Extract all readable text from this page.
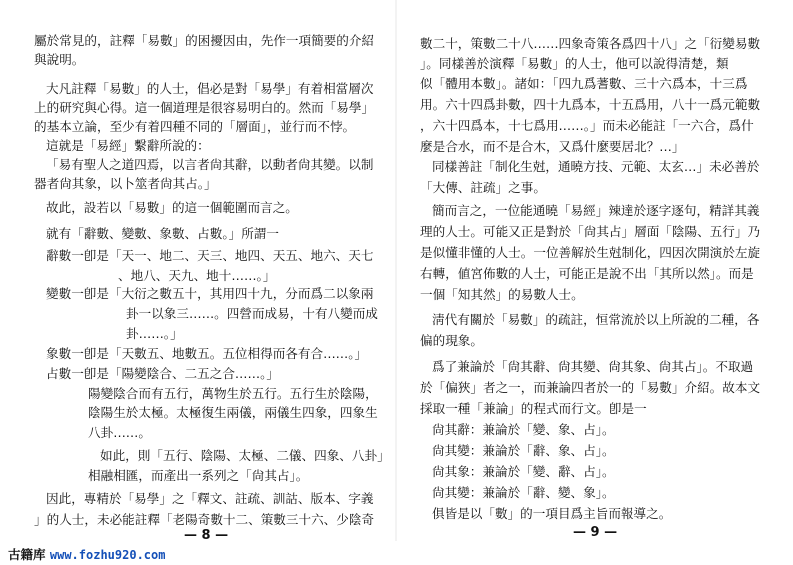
屬於常見的，註釋「易數」的困擾因由，先作一項簡要的介紹
與說明。
大凡註釋「易數」的人士，倡必是對「易學」有着相當層次
上的研究與心得。這一個道理是很容易明白的。然而「易學」
的基本立論，至少有着四種不同的「層面」，並行而不悖。
這就是「易經」繫辭所說的：
「易有聖人之道四焉，以言者尙其辭，以動者尙其變。以制
器者尙其象，以卜筮者尙其占。」
故此，設若以「易數」的這一個範圍而言之。
就有「辭數、變數、象數、占數。」所謂一
辭數一卽是「天一、地二、天三、地四、天五、地六、天七
、地八、天九、地十……。」
變數一卽是「大衍之數五十，其用四十九，分而爲二以象兩
卦一以象三……。四營而成易，十有八變而成
卦……。」
象數一卽是「天數五、地數五。五位相得而各有合……。」
占數一卽是「陽變陰合、二五之合……。」
陽變陰合而有五行，萬物生於五行。五行生於陰陽，
陰陽生於太極。太極復生兩儀，兩儀生四象，四象生
八卦……。
如此，則「五行、陰陽、太極、二儀、四象、八卦」
相融相匯，而產出一系列之「尙其占」。
因此，專精於「易學」之「釋文、註疏、訓詁、版本、字義
」的人士，未必能註釋「老陽奇數十二、策數三十六、少陰奇
— 8 —
數二十，策數二十八……四象奇策各爲四十八」之「衍變易數
」。同樣善於演釋「易數」的人士，他可以說得清楚，類
似「體用本數」。諸如：「四九爲蓍數、三十六爲本，十三爲
用。六十四爲卦數，四十九爲本，十五爲用，八十一爲元範數
，六十四爲本，十七爲用……。」而未必能註「一六合，爲什
麼是合水，而不是合木，又爲什麼要居北？…」
同樣善註「制化生尅，通曉方技、元範、太玄…」未必善於
「大傳、註疏」之事。
簡而言之，一位能通曉「易經」辣達於逐字逐句，精詳其義
理的人士。可能又正是對於「尙其占」層面「陰陽、五行」乃
是似懂非懂的人士。一位善解於生尅制化，四因次開演於左旋
右轉，値宮佈數的人士，可能正是說不出「其所以然」。而是
一個「知其然」的易數人士。
淸代有關於「易數」的疏註，恒常流於以上所說的二種，各
偏的現象。
爲了兼論於「尙其辭、尙其變、尙其象、尙其占」。不取過
於「偏狹」者之一，而兼論四者於一的「易數」介紹。故本文
採取一種「兼論」的程式而行文。卽是一
尙其辭：兼論於「變、象、占」。
尙其變：兼論於「辭、象、占」。
尙其象：兼論於「變、辭、占」。
尙其變：兼論於「辭、變、象」。
俱皆是以「數」的一項目爲主旨而報導之。
— 9 —
古籍库 www.fozhu920.com
